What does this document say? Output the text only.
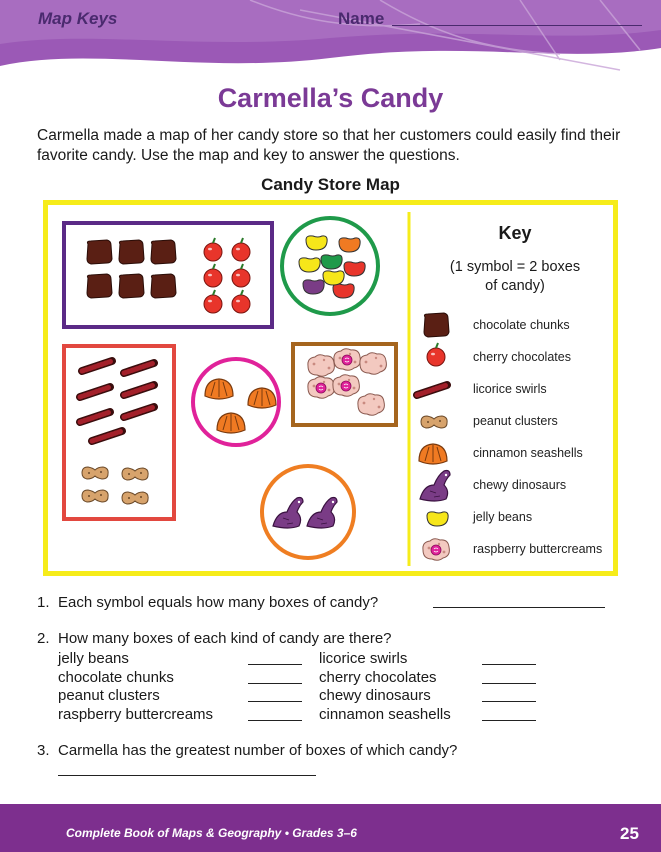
Map Keys	Name
Carmella’s Candy
Carmella made a map of her candy store so that her customers could easily find their favorite candy. Use the map and key to answer the questions.
Candy Store Map
Key
(1 symbol = 2 boxes
of candy)
chocolate chunks
cherry chocolates
licorice swirls
peanut clusters
cinnamon seashells
chewy dinosaurs
jelly beans
raspberry buttercreams
1. Each symbol equals how many boxes of candy?
2. How many boxes of each kind of candy are there?
jelly beans
chocolate chunks
peanut clusters
raspberry buttercreams
licorice swirls
cherry chocolates
chewy dinosaurs
cinnamon seashells
3. Carmella has the greatest number of boxes of which candy?
Complete Book of Maps & Geography • Grades 3–6	25
